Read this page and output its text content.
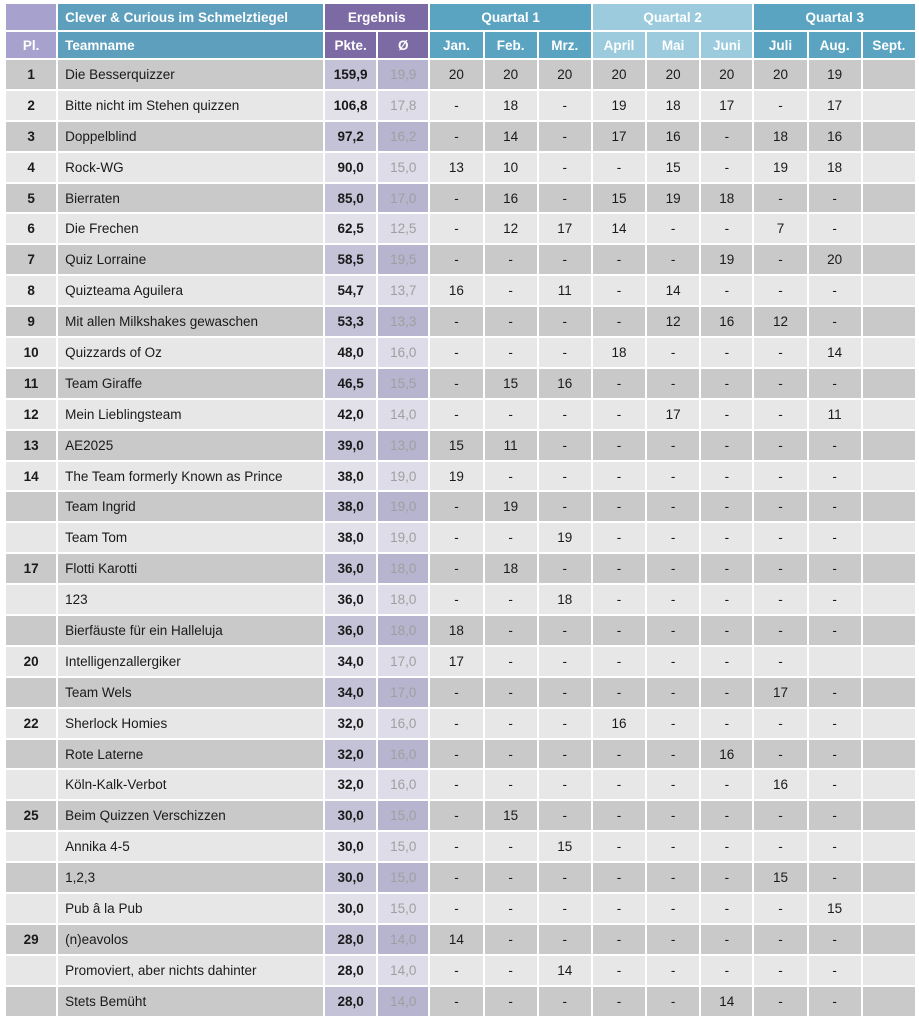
	Clever & Curious im Schmelztiegel	Ergebnis		Quartal 1			Quartal 2			Quartal 3		
Pl.	Teamname	Pkte.	Ø	Jan.	Feb.	Mrz.	April	Mai	Juni	Juli	Aug.	Sept.
1	Die Besserquizzer	159,9	19,9	20	20	20	20	20	20	20	19	
2	Bitte nicht im Stehen quizzen	106,8	17,8	-	18	-	19	18	17	-	17	
3	Doppelblind	97,2	16,2	-	14	-	17	16	-	18	16	
4	Rock-WG	90,0	15,0	13	10	-	-	15	-	19	18	
5	Bierraten	85,0	17,0	-	16	-	15	19	18	-	-	
6	Die Frechen	62,5	12,5	-	12	17	14	-	-	7	-	
7	Quiz Lorraine	58,5	19,5	-	-	-	-	-	19	-	20	
8	Quizteama Aguilera	54,7	13,7	16	-	11	-	14	-	-	-	
9	Mit allen Milkshakes gewaschen	53,3	13,3	-	-	-	-	12	16	12	-	
10	Quizzards of Oz	48,0	16,0	-	-	-	18	-	-	-	14	
11	Team Giraffe	46,5	15,5	-	15	16	-	-	-	-	-	
12	Mein Lieblingsteam	42,0	14,0	-	-	-	-	17	-	-	11	
13	AE2025	39,0	13,0	15	11	-	-	-	-	-	-	
14	The Team formerly Known as Prince	38,0	19,0	19	-	-	-	-	-	-	-	
	Team Ingrid	38,0	19,0	-	19	-	-	-	-	-	-	
	Team Tom	38,0	19,0	-	-	19	-	-	-	-	-	
17	Flotti Karotti	36,0	18,0	-	18	-	-	-	-	-	-	
	123	36,0	18,0	-	-	18	-	-	-	-	-	
	Bierfäuste für ein Halleluja	36,0	18,0	18	-	-	-	-	-	-	-	
20	Intelligenzallergiker	34,0	17,0	17	-	-	-	-	-	-		
	Team Wels	34,0	17,0	-	-	-	-	-	-	17	-	
22	Sherlock Homies	32,0	16,0	-	-	-	16	-	-	-	-	
	Rote Laterne	32,0	16,0	-	-	-	-	-	16	-	-	
	Köln-Kalk-Verbot	32,0	16,0	-	-	-	-	-	-	16	-	
25	Beim Quizzen Verschizzen	30,0	15,0	-	15	-	-	-	-	-	-	
	Annika 4-5	30,0	15,0	-	-	15	-	-	-	-	-	
	1,2,3	30,0	15,0	-	-	-	-	-	-	15	-	
	Pub â la Pub	30,0	15,0	-	-	-	-	-	-	-	15	
29	(n)eavolos	28,0	14,0	14	-	-	-	-	-	-	-	
	Promoviert, aber nichts dahinter	28,0	14,0	-	-	14	-	-	-	-	-	
	Stets Bemüht	28,0	14,0	-	-	-	-	-	14	-	-	
